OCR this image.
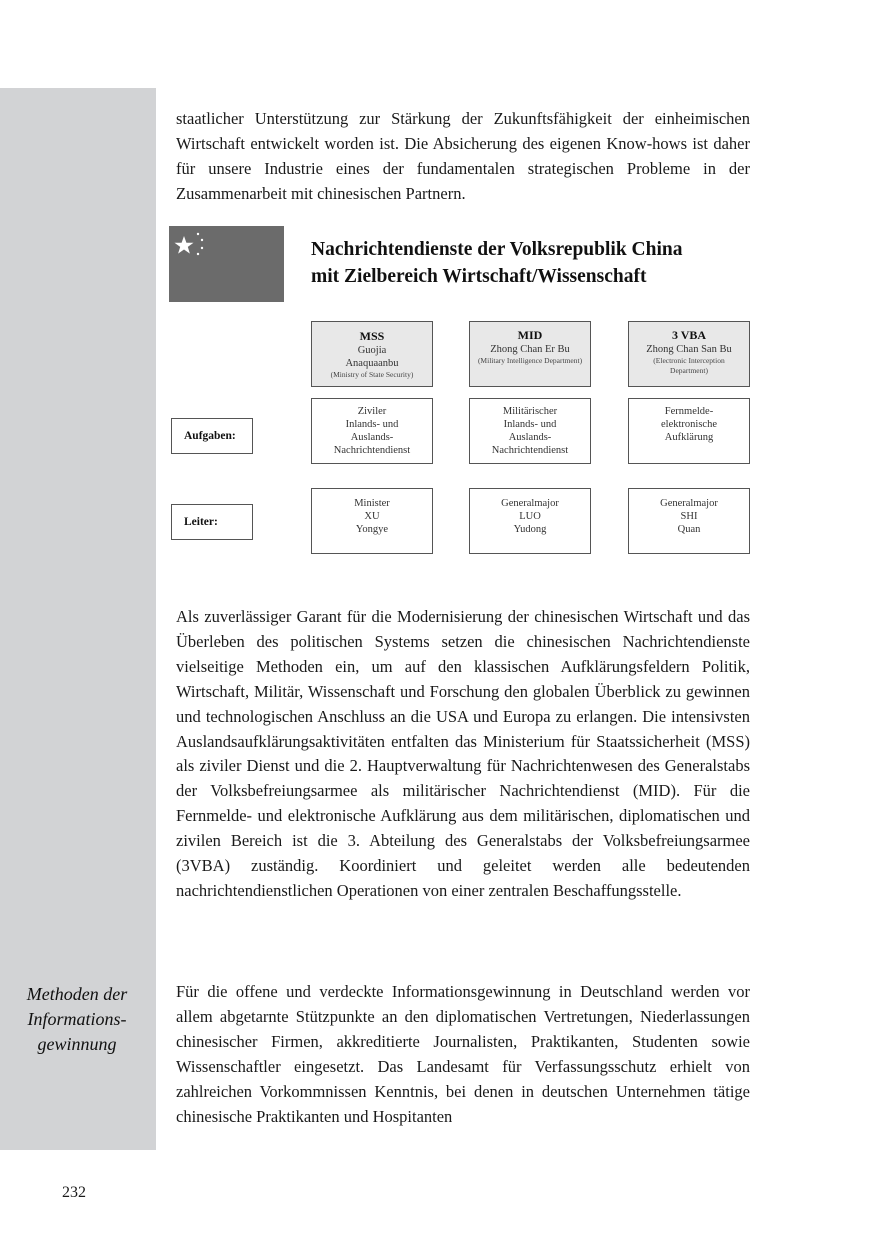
staatlicher Unterstützung zur Stärkung der Zukunftsfähigkeit der einheimischen Wirtschaft entwickelt worden ist. Die Absicherung des eigenen Know-hows ist daher für unsere Industrie eines der fundamentalen strategischen Probleme in der Zusammenarbeit mit chinesischen Partnern.

Nachrichtendienste der Volksrepublik China
mit Zielbereich Wirtschaft/Wissenschaft

MSS
Guojia
Anaquaanbu
(Ministry of State Security)
MID
Zhong Chan Er Bu
(Military Intelligence Department)
3 VBA
Zhong Chan San Bu
(Electronic Interception Department)
Aufgaben:
Ziviler
Inlands- und
Auslands-
Nachrichtendienst
Militärischer
Inlands- und
Auslands-
Nachrichtendienst
Fernmelde-
elektronische
Aufklärung
Leiter:
Minister
XU
Yongye
Generalmajor
LUO
Yudong
Generalmajor
SHI
Quan

Als zuverlässiger Garant für die Modernisierung der chinesischen Wirtschaft und das Überleben des politischen Systems setzen die chinesischen Nachrichtendienste vielseitige Methoden ein, um auf den klassischen Aufklärungsfeldern Politik, Wirtschaft, Militär, Wissenschaft und Forschung den globalen Überblick zu gewinnen und technologischen Anschluss an die USA und Europa zu erlangen. Die intensivsten Auslandsaufklärungsaktivitäten entfalten das Ministerium für Staatssicherheit (MSS) als ziviler Dienst und die 2. Hauptverwaltung für Nachrichtenwesen des Generalstabs der Volksbefreiungsarmee als militärischer Nachrichtendienst (MID). Für die Fernmelde- und elektronische Aufklärung aus dem militärischen, diplomatischen und zivilen Bereich ist die 3. Abteilung des Generalstabs der Volksbefreiungsarmee (3VBA) zuständig. Koordiniert und geleitet werden alle bedeutenden nachrichtendienstlichen Operationen von einer zentralen Beschaffungsstelle.

Methoden der
Informations-
gewinnung

Für die offene und verdeckte Informationsgewinnung in Deutschland werden vor allem abgetarnte Stützpunkte an den diplomatischen Vertretungen, Niederlassungen chinesischer Firmen, akkreditierte Journalisten, Praktikanten, Studenten sowie Wissenschaftler eingesetzt. Das Landesamt für Verfassungsschutz erhielt von zahlreichen Vorkommnissen Kenntnis, bei denen in deutschen Unternehmen tätige chinesische Praktikanten und Hospitanten

232
